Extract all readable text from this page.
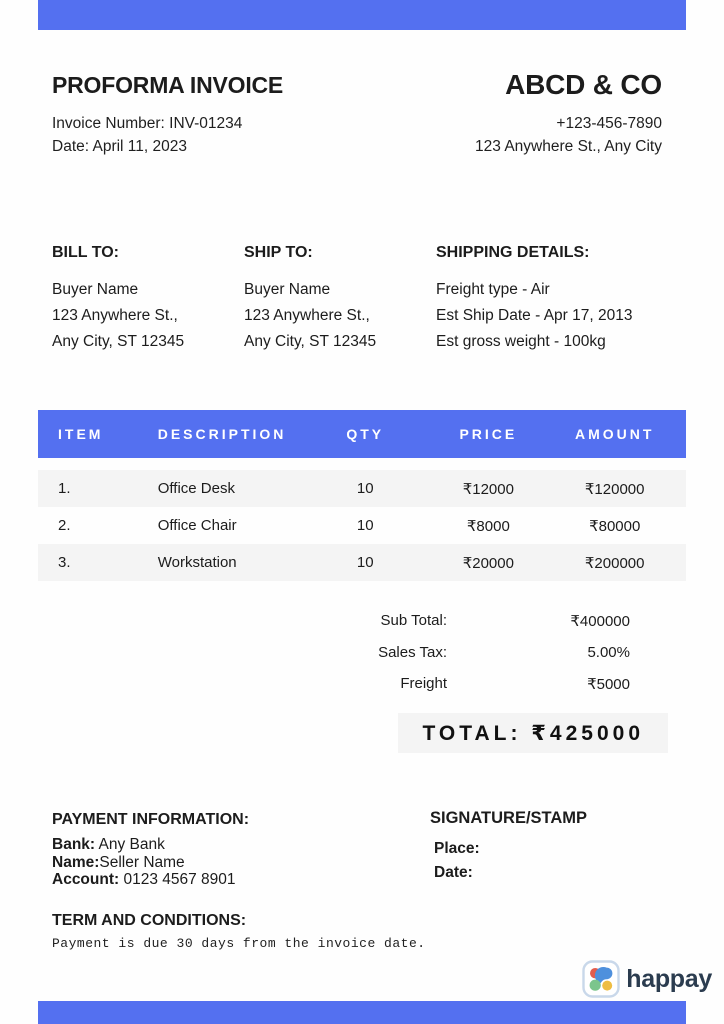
PROFORMA INVOICE
Invoice Number: INV-01234
Date: April 11, 2023
ABCD & CO
+123-456-7890
123 Anywhere St., Any City
BILL TO:
Buyer Name
123 Anywhere St.,
Any City, ST 12345
SHIP TO:
Buyer Name
123 Anywhere St.,
Any City, ST 12345
SHIPPING DETAILS:
Freight type - Air
Est Ship Date - Apr 17, 2013
Est gross weight - 100kg
ITEM	DESCRIPTION	QTY	PRICE	AMOUNT
1.	Office Desk	10	₹12000	₹120000
2.	Office Chair	10	₹8000	₹80000
3.	Workstation	10	₹20000	₹200000
Sub Total:	₹400000
Sales Tax:	5.00%
Freight	₹5000
TOTAL: ₹425000
PAYMENT INFORMATION:
Bank: Any Bank
Name:Seller Name
Account: 0123 4567 8901
SIGNATURE/STAMP
Place:
Date:
TERM AND CONDITIONS:
Payment is due 30 days from the invoice date.
happay
